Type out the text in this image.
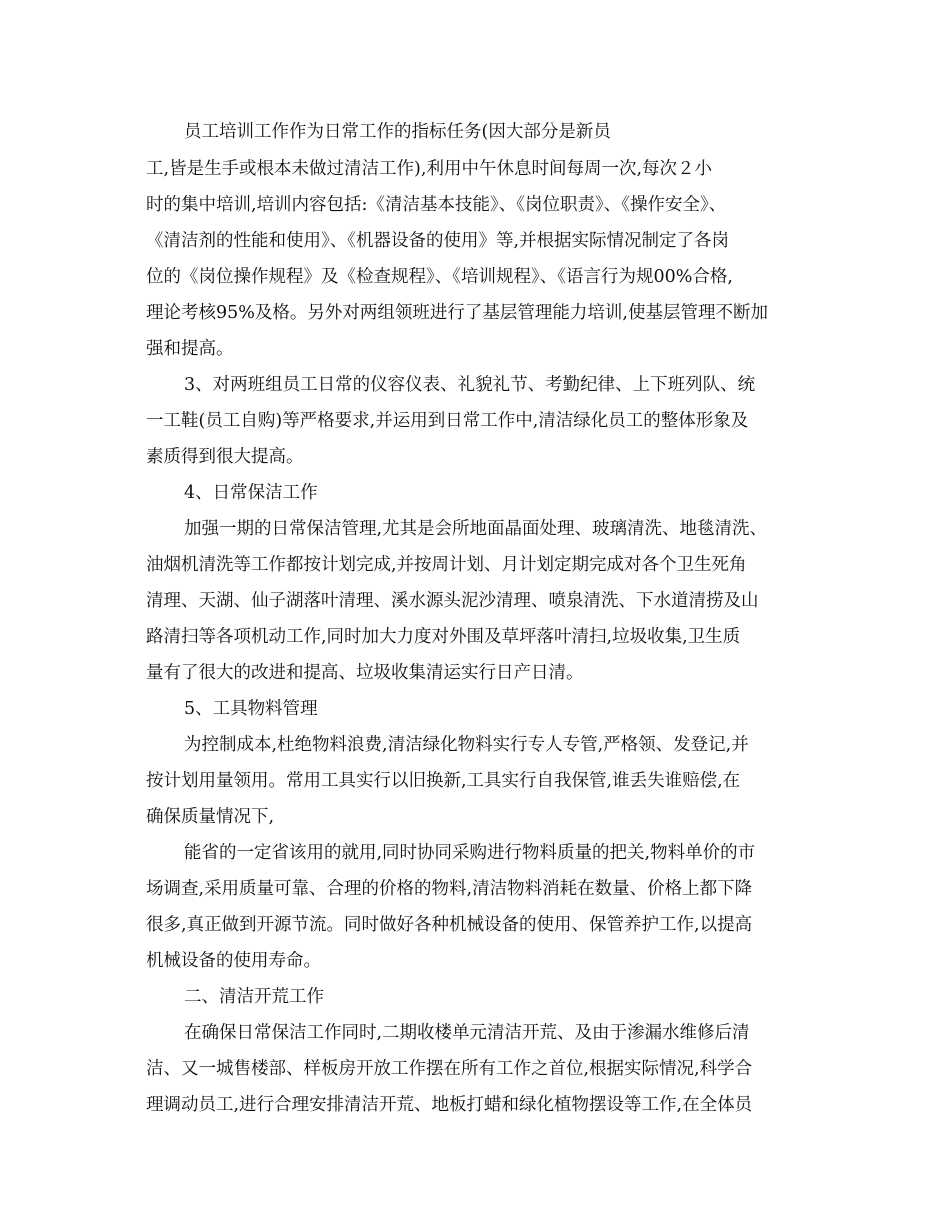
员工培训工作作为日常工作的指标任务(因大部分是新员
工,皆是生手或根本未做过清洁工作),利用中午休息时间每周一次,每次２小
时的集中培训,培训内容包括:《清洁基本技能》、《岗位职责》、《操作安全》、
《清洁剂的性能和使用》、《机器设备的使用》等,并根据实际情况制定了各岗
位的《岗位操作规程》及《检查规程》、《培训规程》、《语言行为规00%合格,
理论考核95%及格。另外对两组领班进行了基层管理能力培训,使基层管理不断加
强和提高。
3、对两班组员工日常的仪容仪表、礼貌礼节、考勤纪律、上下班列队、统
一工鞋(员工自购)等严格要求,并运用到日常工作中,清洁绿化员工的整体形象及
素质得到很大提高。
4、日常保洁工作
加强一期的日常保洁管理,尤其是会所地面晶面处理、玻璃清洗、地毯清洗、
油烟机清洗等工作都按计划完成,并按周计划、月计划定期完成对各个卫生死角
清理、天湖、仙子湖落叶清理、溪水源头泥沙清理、喷泉清洗、下水道清捞及山
路清扫等各项机动工作,同时加大力度对外围及草坪落叶清扫,垃圾收集,卫生质
量有了很大的改进和提高、垃圾收集清运实行日产日清。
5、工具物料管理
为控制成本,杜绝物料浪费,清洁绿化物料实行专人专管,严格领、发登记,并
按计划用量领用。常用工具实行以旧换新,工具实行自我保管,谁丢失谁赔偿,在
确保质量情况下,
能省的一定省该用的就用,同时协同采购进行物料质量的把关,物料单价的市
场调查,采用质量可靠、合理的价格的物料,清洁物料消耗在数量、价格上都下降
很多,真正做到开源节流。同时做好各种机械设备的使用、保管养护工作,以提高
机械设备的使用寿命。
二、清洁开荒工作
在确保日常保洁工作同时,二期收楼单元清洁开荒、及由于渗漏水维修后清
洁、又一城售楼部、样板房开放工作摆在所有工作之首位,根据实际情况,科学合
理调动员工,进行合理安排清洁开荒、地板打蜡和绿化植物摆设等工作,在全体员
